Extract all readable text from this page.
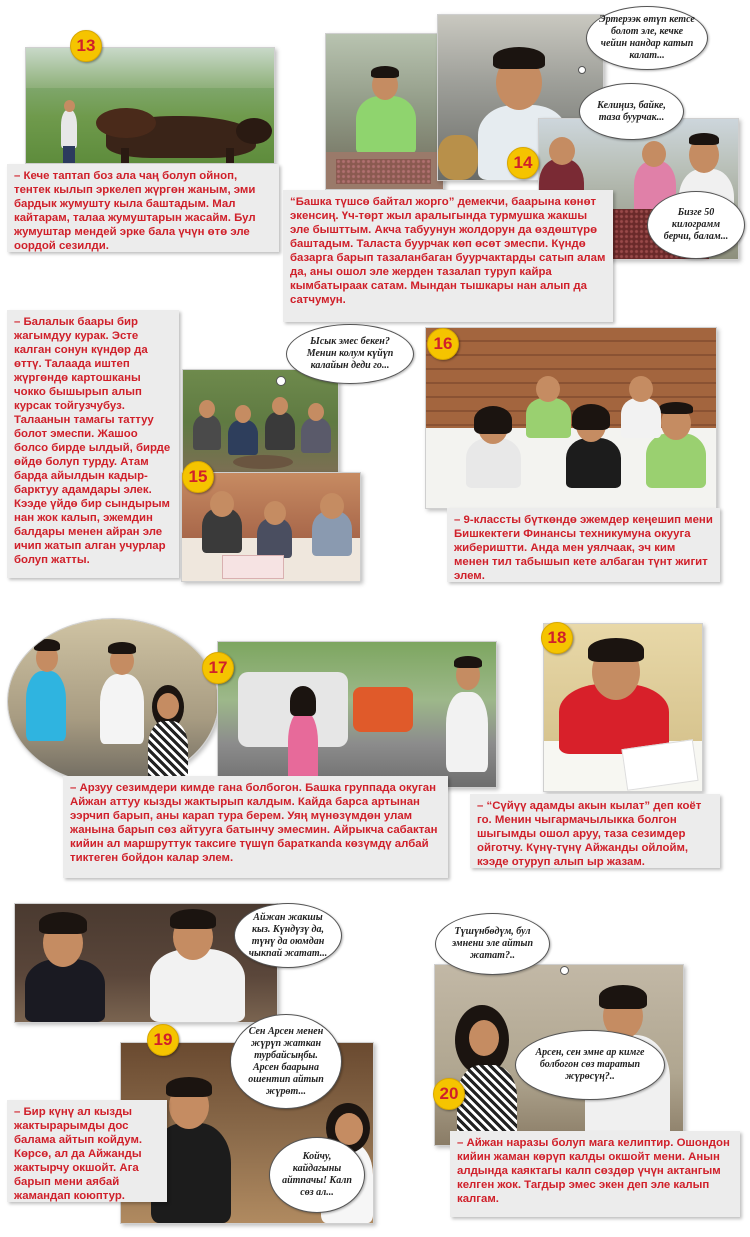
13
– Кече таптап боз ала чаң болуп ойноп, тентек кылып эркелеп жүргөн жаным, эми бардык жумушту кыла баштадым. Мал кайтарам, талаа жумуштарын жасайм. Бул жумуштар мендей эркe бала үчүн өтө эле оордой сезилди.
14
Эртерээк өтүп кетсе болот эле, кечке чейин нандар катып калат...
Келиңиз, байке, таза буурчак...
Бизге 50 килограмм берчи, балам...
“Башка түшсө байтал жорго” демекчи, баарына көнөт экенсиң. Үч-төрт жыл аралыгында турмушка жакшы эле бышттым. Акча табуунун жолдорун да өздөштүрө баштадым. Таласта буурчак көп өсөт эмеспи. Күндө базарга барып тазаланбаган буурчактарды сатып алам да, аны ошол эле жерден тазалап туруп кайра кымбатыраак сатам. Мындан тышкары нан алып да сатчумун.
– Балалык баары бир жагымдуу курак. Эсте калган сонун күндөр да өттү. Талаада иштеп жүргөндө картошканы чокко бышырып алып курсак тойгузчубуз. Талаанын тамагы таттуу болот эмеспи. Жашоо болсо бирде ылдый, бирде өйдө болуп турду. Атам барда айылдын кадыр-барктуу адамдары элек. Кээде үйдө бир сындырым нан жок калып, эжемдин балдары менен айран эле ичип жатып алган учурлар болуп жатты.
15
Ысык эмес бекен? Менин колум күйүп калайын деди го...
16
– 9-классты бүткөндө эжемдер кеңешип мени Бишкектеги Финансы техникумуна окууга жибериштти. Анда мен уялчаак, эч ким менен тил табышып кете албаган түнт жигит элем.
17
– Арзуу сезимдери кимде гана болбогон. Башка группада окуган Айжан аттуу кызды жактырып калдым. Кайда барса артынан ээрчип барып, аны карап тура берем. Уяң мүнөзүмдөн улам жанына барып сөз айтууга батынчу эмесмин. Айрыкча сабактан кийин ал маршруттук таксиге түшүп бараткanda көзүмдү албай тиктеген бойдон калар элем.
18
– “Сүйүү адамды акын кылат” деп коёт го. Менин чыгармачылыкка болгон шыгымды ошол аруу, таза сезимдер ойготчу. Күнү-түнү Айжанды ойлойм, кээде отуруп алып ыр жазам.
19
Айжан жакшы кыз. Күндүзү да, түнү да оюмдан чыкпай жатат...
Сен Арсен менен жүрүп жаткан турбайсыңбы. Арсен баарына ошентип айтып жүрөт...
Койчу, кайдагыны айтпачы! Калп сөз ал...
– Бир күнү ал кызды жактырарымды дос балама айтып койдум. Көрсө, ал да Айжанды жактырчу окшойт. Ага барып мени аябай жамандап коюптур.
20
Түшүнбөдүм, бул эмнени эле айтып жатат?..
Арсен, сен эмне ар кимге болбогон сөз таратып жүрөсүң?..
– Айжан наразы болуп мага келиптир. Ошондон кийин жаман көрүп калды окшойт мени. Анын алдында каяктагы калп сөздөр үчүн актангым келген жок. Тагдыр эмес экен деп эле калып калгам.
